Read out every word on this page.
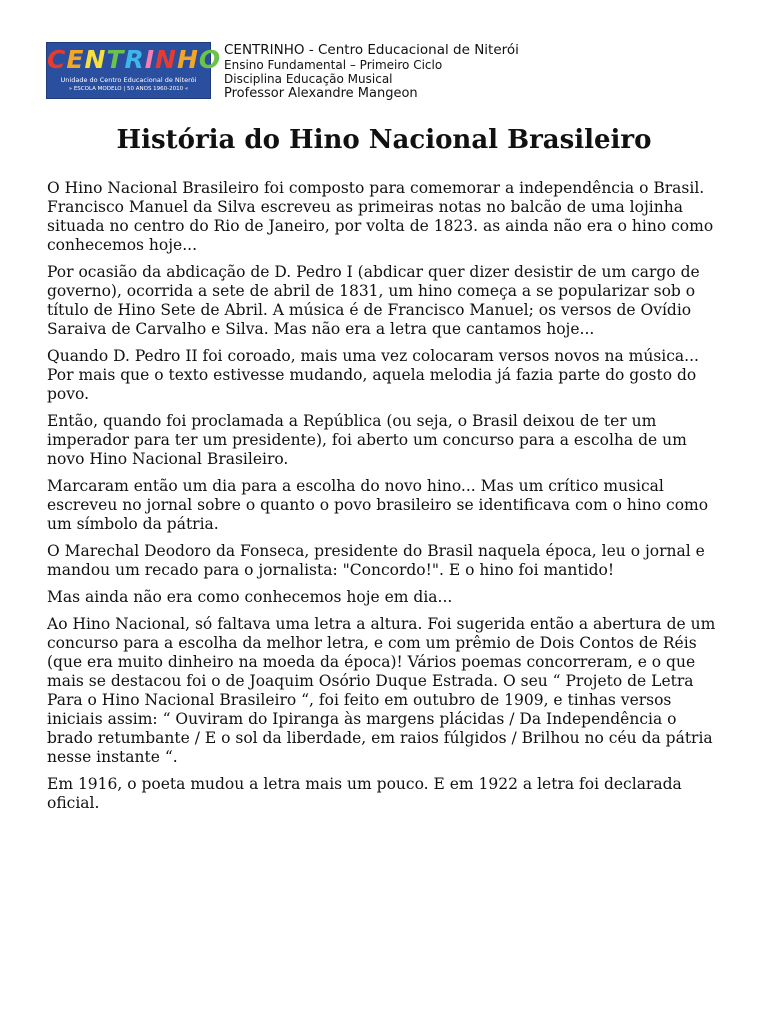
CENTRINHO
Unidade do Centro Educacional de Niterói
» ESCOLA MODELO | 50 ANOS 1960-2010 «
CENTRINHO - Centro Educacional de Niterói
Ensino Fundamental – Primeiro Ciclo
Disciplina Educação Musical
Professor Alexandre Mangeon
História do Hino Nacional Brasileiro

O Hino Nacional Brasileiro foi composto para comemorar a independência o Brasil. Francisco Manuel da Silva escreveu as primeiras notas no balcão de uma lojinha situada no centro do Rio de Janeiro, por volta de 1823. as ainda não era o hino como conhecemos hoje...

Por ocasião da abdicação de D. Pedro I (abdicar quer dizer desistir de um cargo de governo), ocorrida a sete de abril de 1831, um hino começa a se popularizar sob o título de Hino Sete de Abril. A música é de Francisco Manuel; os versos de Ovídio Saraiva de Carvalho e Silva. Mas não era a letra que cantamos hoje...

Quando D. Pedro II foi coroado, mais uma vez colocaram versos novos na música... Por mais que o texto estivesse mudando, aquela melodia já fazia parte do gosto do povo.

Então, quando foi proclamada a República (ou seja, o Brasil deixou de ter um imperador para ter um presidente), foi aberto um concurso para a escolha de um novo Hino Nacional Brasileiro.

Marcaram então um dia para a escolha do novo hino... Mas um crítico musical escreveu no jornal sobre o quanto o povo brasileiro se identificava com o hino como um símbolo da pátria.

O Marechal Deodoro da Fonseca, presidente do Brasil naquela época, leu o jornal e mandou um recado para o jornalista: "Concordo!". E o hino foi mantido!

Mas ainda não era como conhecemos hoje em dia...

Ao Hino Nacional, só faltava uma letra a altura. Foi sugerida então a abertura de um concurso para a escolha da melhor letra, e com um prêmio de Dois Contos de Réis (que era muito dinheiro na moeda da época)! Vários poemas concorreram, e o que mais se destacou foi o de Joaquim Osório Duque Estrada. O seu “ Projeto de Letra Para o Hino Nacional Brasileiro “, foi feito em outubro de 1909, e tinhas versos iniciais assim: “ Ouviram do Ipiranga às margens plácidas / Da Independência o brado retumbante / E o sol da liberdade, em raios fúlgidos / Brilhou no céu da pátria nesse instante “.

Em 1916, o poeta mudou a letra mais um pouco. E em 1922 a letra foi declarada oficial.
